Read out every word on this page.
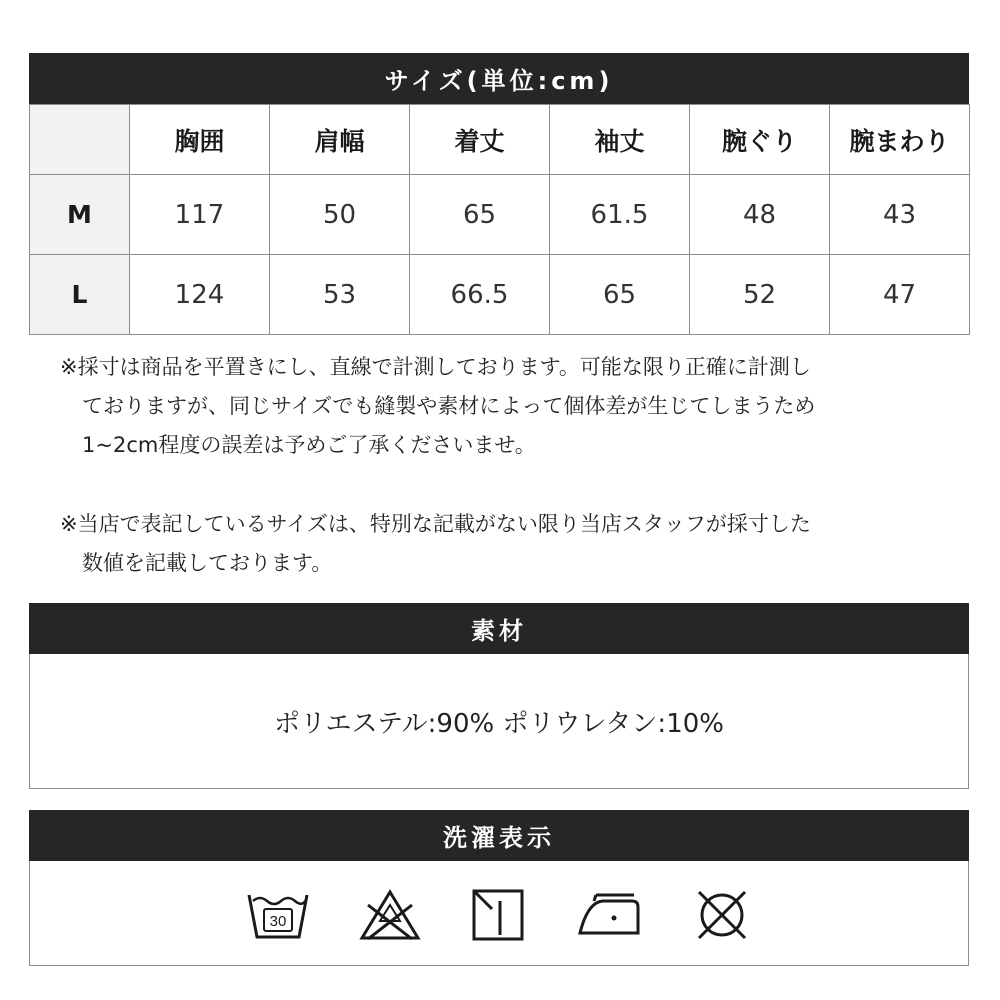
サイズ(単位:cm)
	胸囲	肩幅	着丈	袖丈	腕ぐり	腕まわり
M	117	50	65	61.5	48	43
L	124	53	66.5	65	52	47

※採寸は商品を平置きにし、直線で計測しております。可能な限り正確に計測し

ておりますが、同じサイズでも縫製や素材によって個体差が生じてしまうため

1~2cm程度の誤差は予めご了承くださいませ。

※当店で表記しているサイズは、特別な記載がない限り当店スタッフが採寸した

数値を記載しております。

素材
ポリエステル:90% ポリウレタン:10%
洗濯表示
30
